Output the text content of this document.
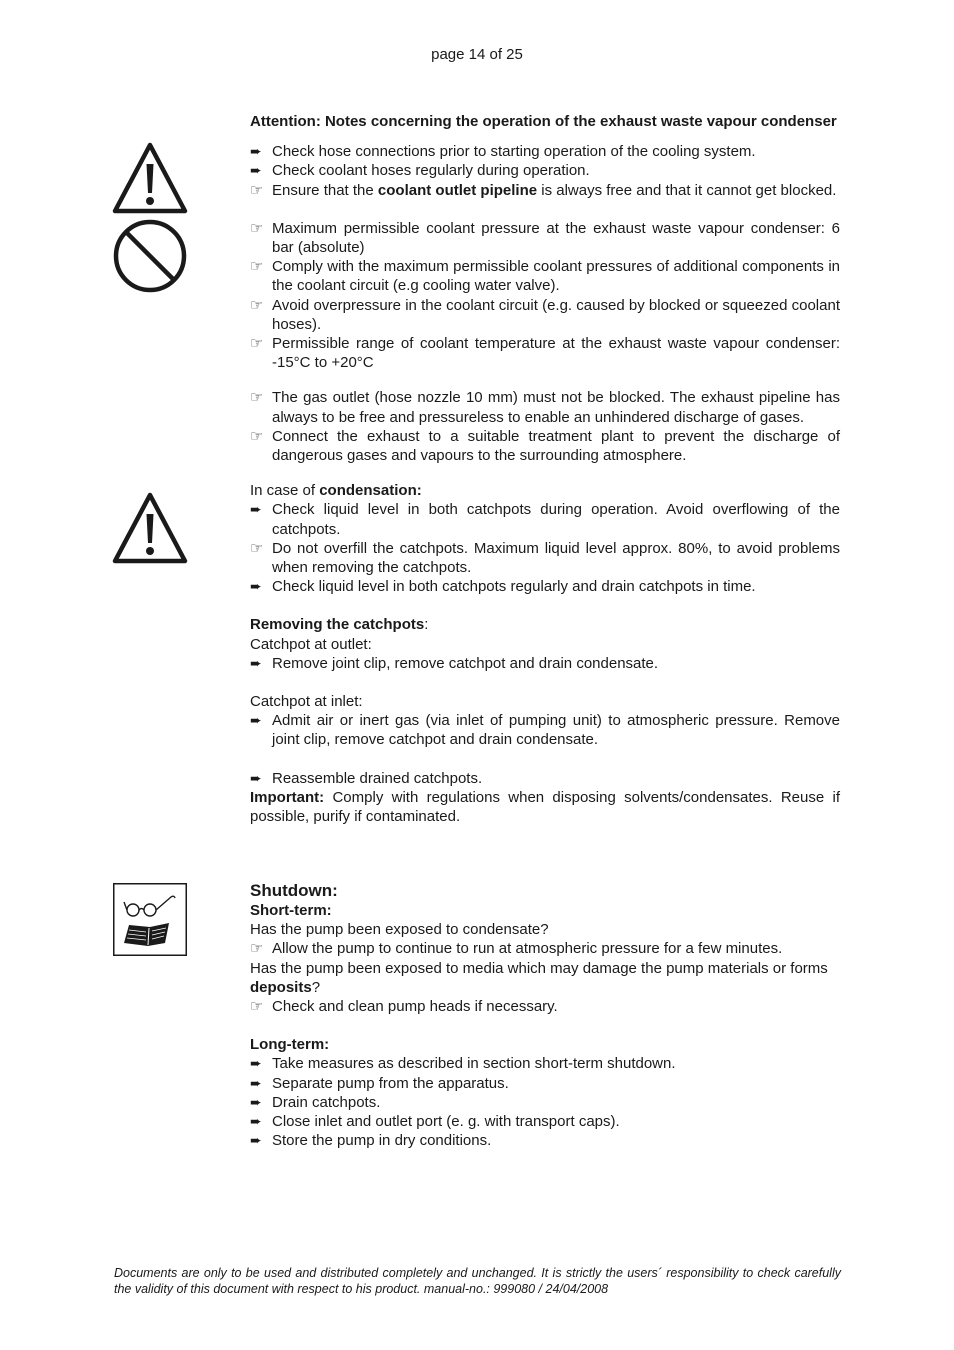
page 14 of 25

Attention: Notes concerning the operation of the exhaust waste vapour condenser

➨ Check hose connections prior to starting operation of the cooling system.
➨ Check coolant hoses regularly during operation.
☞ Ensure that the coolant outlet pipeline is always free and that it cannot get blocked.
☞ Maximum permissible coolant pressure at the exhaust waste vapour condenser: 6 bar (absolute)
☞ Comply with the maximum permissible coolant pressures of additional components in the coolant circuit (e.g cooling water valve).
☞ Avoid overpressure in the coolant circuit (e.g. caused by blocked or squeezed coolant hoses).
☞ Permissible range of coolant temperature at the exhaust waste vapour condenser: -15°C to +20°C
☞ The gas outlet (hose nozzle 10 mm) must not be blocked. The exhaust pipeline has always to be free and pressureless to enable an unhindered discharge of gases.
☞ Connect the exhaust to a suitable treatment plant to prevent the discharge of dangerous gases and vapours to the surrounding atmosphere.

In case of condensation:

➨ Check liquid level in both catchpots during operation. Avoid overflowing of the catchpots.
☞ Do not overfill the catchpots. Maximum liquid level approx. 80%, to avoid problems when removing the catchpots.
➨ Check liquid level in both catchpots regularly and drain catchpots in time.

Removing the catchpots:

Catchpot at outlet:

➨ Remove joint clip, remove catchpot and drain condensate.

Catchpot at inlet:

➨ Admit air or inert gas (via inlet of pumping unit) to atmospheric pressure. Remove joint clip, remove catchpot and drain condensate.
➨ Reassemble drained catchpots.

Important: Comply with regulations when disposing solvents/condensates. Reuse if possible, purify if contaminated.

Shutdown:

Short-term:

Has the pump been exposed to condensate?

☞ Allow the pump to continue to run at atmospheric pressure for a few minutes.

Has the pump been exposed to media which may damage the pump materials or forms deposits?

☞ Check and clean pump heads if necessary.

Long-term:

➨ Take measures as described in section short-term shutdown.
➨ Separate pump from the apparatus.
➨ Drain catchpots.
➨ Close inlet and outlet port (e. g. with transport caps).
➨ Store the pump in dry conditions.
Documents are only to be used and distributed completely and unchanged. It is strictly the users´ responsibility to check carefully the validity of this document with respect to his product. manual-no.: 999080 / 24/04/2008
